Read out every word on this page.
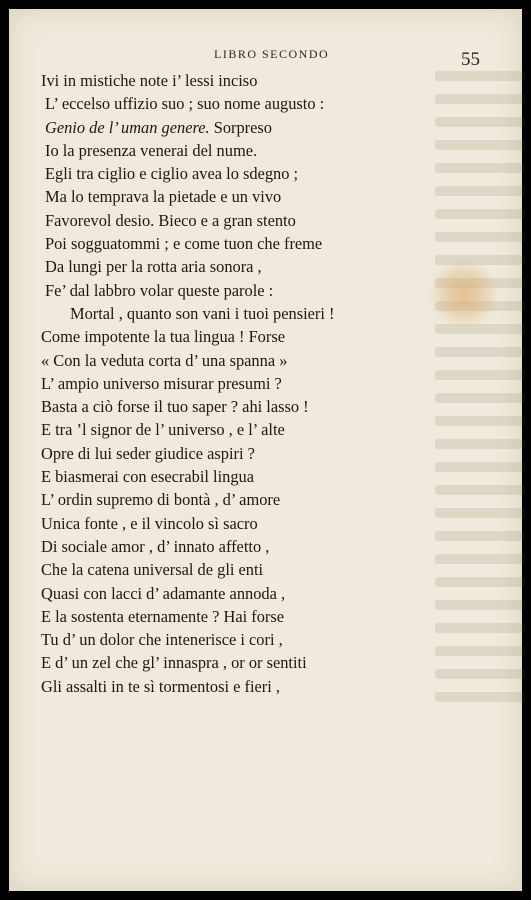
LIBRO SECONDO	55
Ivi in mistiche note i’ lessi inciso
L’ eccelso uffizio suo ; suo nome augusto :
Genio de l’ uman genere. Sorpreso
Io la presenza venerai del nume.
Egli tra ciglio e ciglio avea lo sdegno ;
Ma lo temprava la pietade e un vivo
Favorevol desio. Bieco e a gran stento
Poi sogguatommi ; e come tuon che freme
Da lungi per la rotta aria sonora ,
Fe’ dal labbro volar queste parole :
Mortal , quanto son vani i tuoi pensieri !
Come impotente la tua lingua ! Forse
« Con la veduta corta d’ una spanna »
L’ ampio universo misurar presumi ?
Basta a ciò forse il tuo saper ? ahi lasso !
E tra ’l signor de l’ universo , e l’ alte
Opre di lui seder giudice aspiri ?
E biasmerai con esecrabil lingua
L’ ordin supremo di bontà , d’ amore
Unica fonte , e il vincolo sì sacro
Di sociale amor , d’ innato affetto ,
Che la catena universal de gli enti
Quasi con lacci d’ adamante annoda ,
E la sostenta eternamente ? Hai forse
Tu d’ un dolor che intenerisce i cori ,
E d’ un zel che gl’ innaspra , or or sentiti
Gli assalti in te sì tormentosi e fieri ,
